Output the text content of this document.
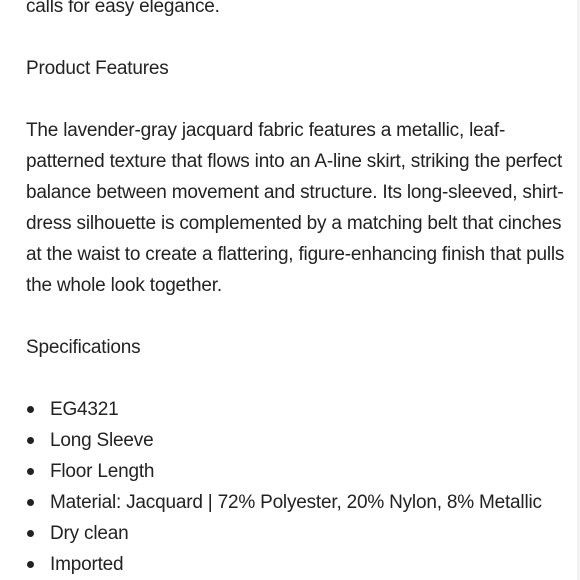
calls for easy elegance.

Product Features

The lavender-gray jacquard fabric features a metallic, leaf-
patterned texture that flows into an A-line skirt, striking the perfect
balance between movement and structure. Its long-sleeved, shirt-
dress silhouette is complemented by a matching belt that cinches
at the waist to create a flattering, figure-enhancing finish that pulls
the whole look together.

Specifications

EG4321
Long Sleeve
Floor Length
Material: Jacquard | 72% Polyester, 20% Nylon, 8% Metallic
Dry clean
Imported
